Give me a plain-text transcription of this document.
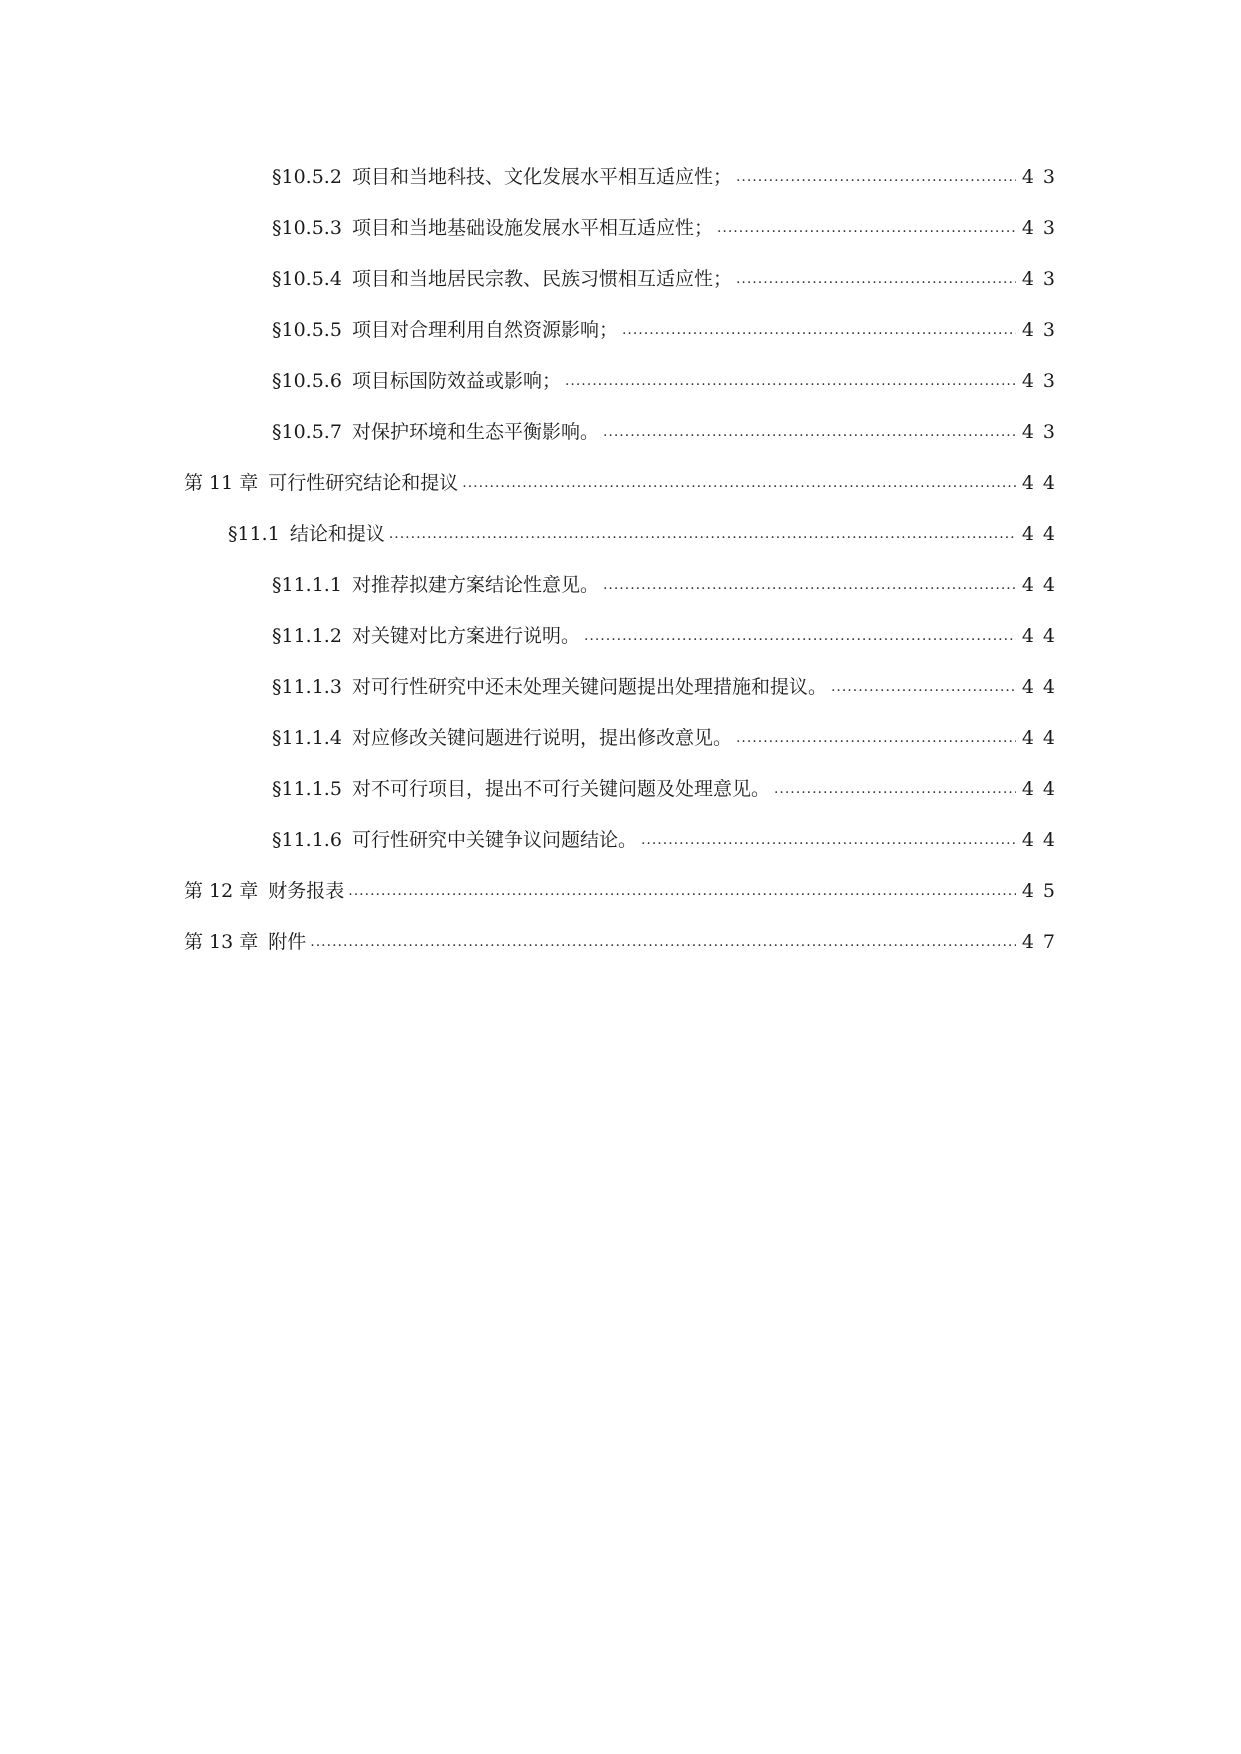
§10.5.2 项目和当地科技、文化发展水平相互适应性； .....	43
§10.5.3 项目和当地基础设施发展水平相互适应性； .....	43
§10.5.4 项目和当地居民宗教、民族习惯相互适应性； .....	43
§10.5.5 项目对合理利用自然资源影响； .....	43
§10.5.6 项目标国防效益或影响； .....	43
§10.5.7 对保护环境和生态平衡影响。 .....	43
第 11 章 可行性研究结论和提议 .....	44
§11.1 结论和提议 .....	44
§11.1.1 对推荐拟建方案结论性意见。 .....	44
§11.1.2 对关键对比方案进行说明。 .....	44
§11.1.3 对可行性研究中还未处理关键问题提出处理措施和提议。 .....	44
§11.1.4 对应修改关键问题进行说明，提出修改意见。 .....	44
§11.1.5 对不可行项目，提出不可行关键问题及处理意见。 .....	44
§11.1.6 可行性研究中关键争议问题结论。 .....	44
第 12 章 财务报表 .....	45
第 13 章 附件 .....	47
